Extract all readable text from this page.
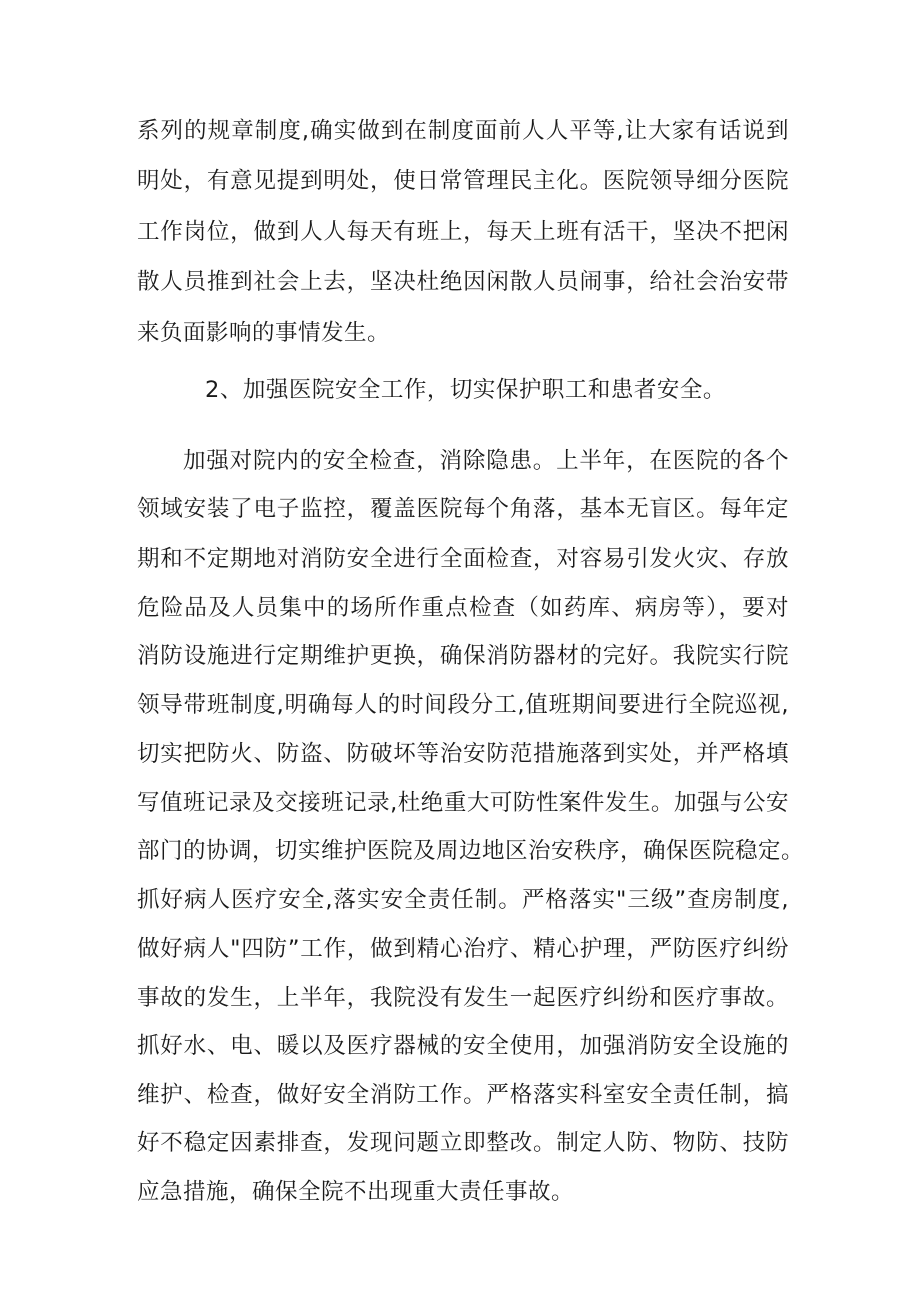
系列的规章制度,确实做到在制度面前人人平等,让大家有话说到
明处，有意见提到明处，使日常管理民主化。医院领导细分医院
工作岗位，做到人人每天有班上，每天上班有活干，坚决不把闲
散人员推到社会上去，坚决杜绝因闲散人员闹事，给社会治安带
来负面影响的事情发生。
2、加强医院安全工作，切实保护职工和患者安全。
加强对院内的安全检查，消除隐患。上半年，在医院的各个
领域安装了电子监控，覆盖医院每个角落，基本无盲区。每年定
期和不定期地对消防安全进行全面检查，对容易引发火灾、存放
危险品及人员集中的场所作重点检查（如药库、病房等），要对
消防设施进行定期维护更换，确保消防器材的完好。我院实行院
领导带班制度,明确每人的时间段分工,值班期间要进行全院巡视,
切实把防火、防盗、防破坏等治安防范措施落到实处，并严格填
写值班记录及交接班记录,杜绝重大可防性案件发生。加强与公安
部门的协调，切实维护医院及周边地区治安秩序，确保医院稳定。
抓好病人医疗安全,落实安全责任制。严格落实"三级”查房制度,
做好病人"四防”工作，做到精心治疗、精心护理，严防医疗纠纷
事故的发生，上半年，我院没有发生一起医疗纠纷和医疗事故。
抓好水、电、暖以及医疗器械的安全使用，加强消防安全设施的
维护、检查，做好安全消防工作。严格落实科室安全责任制，搞
好不稳定因素排查，发现问题立即整改。制定人防、物防、技防
应急措施，确保全院不出现重大责任事故。
